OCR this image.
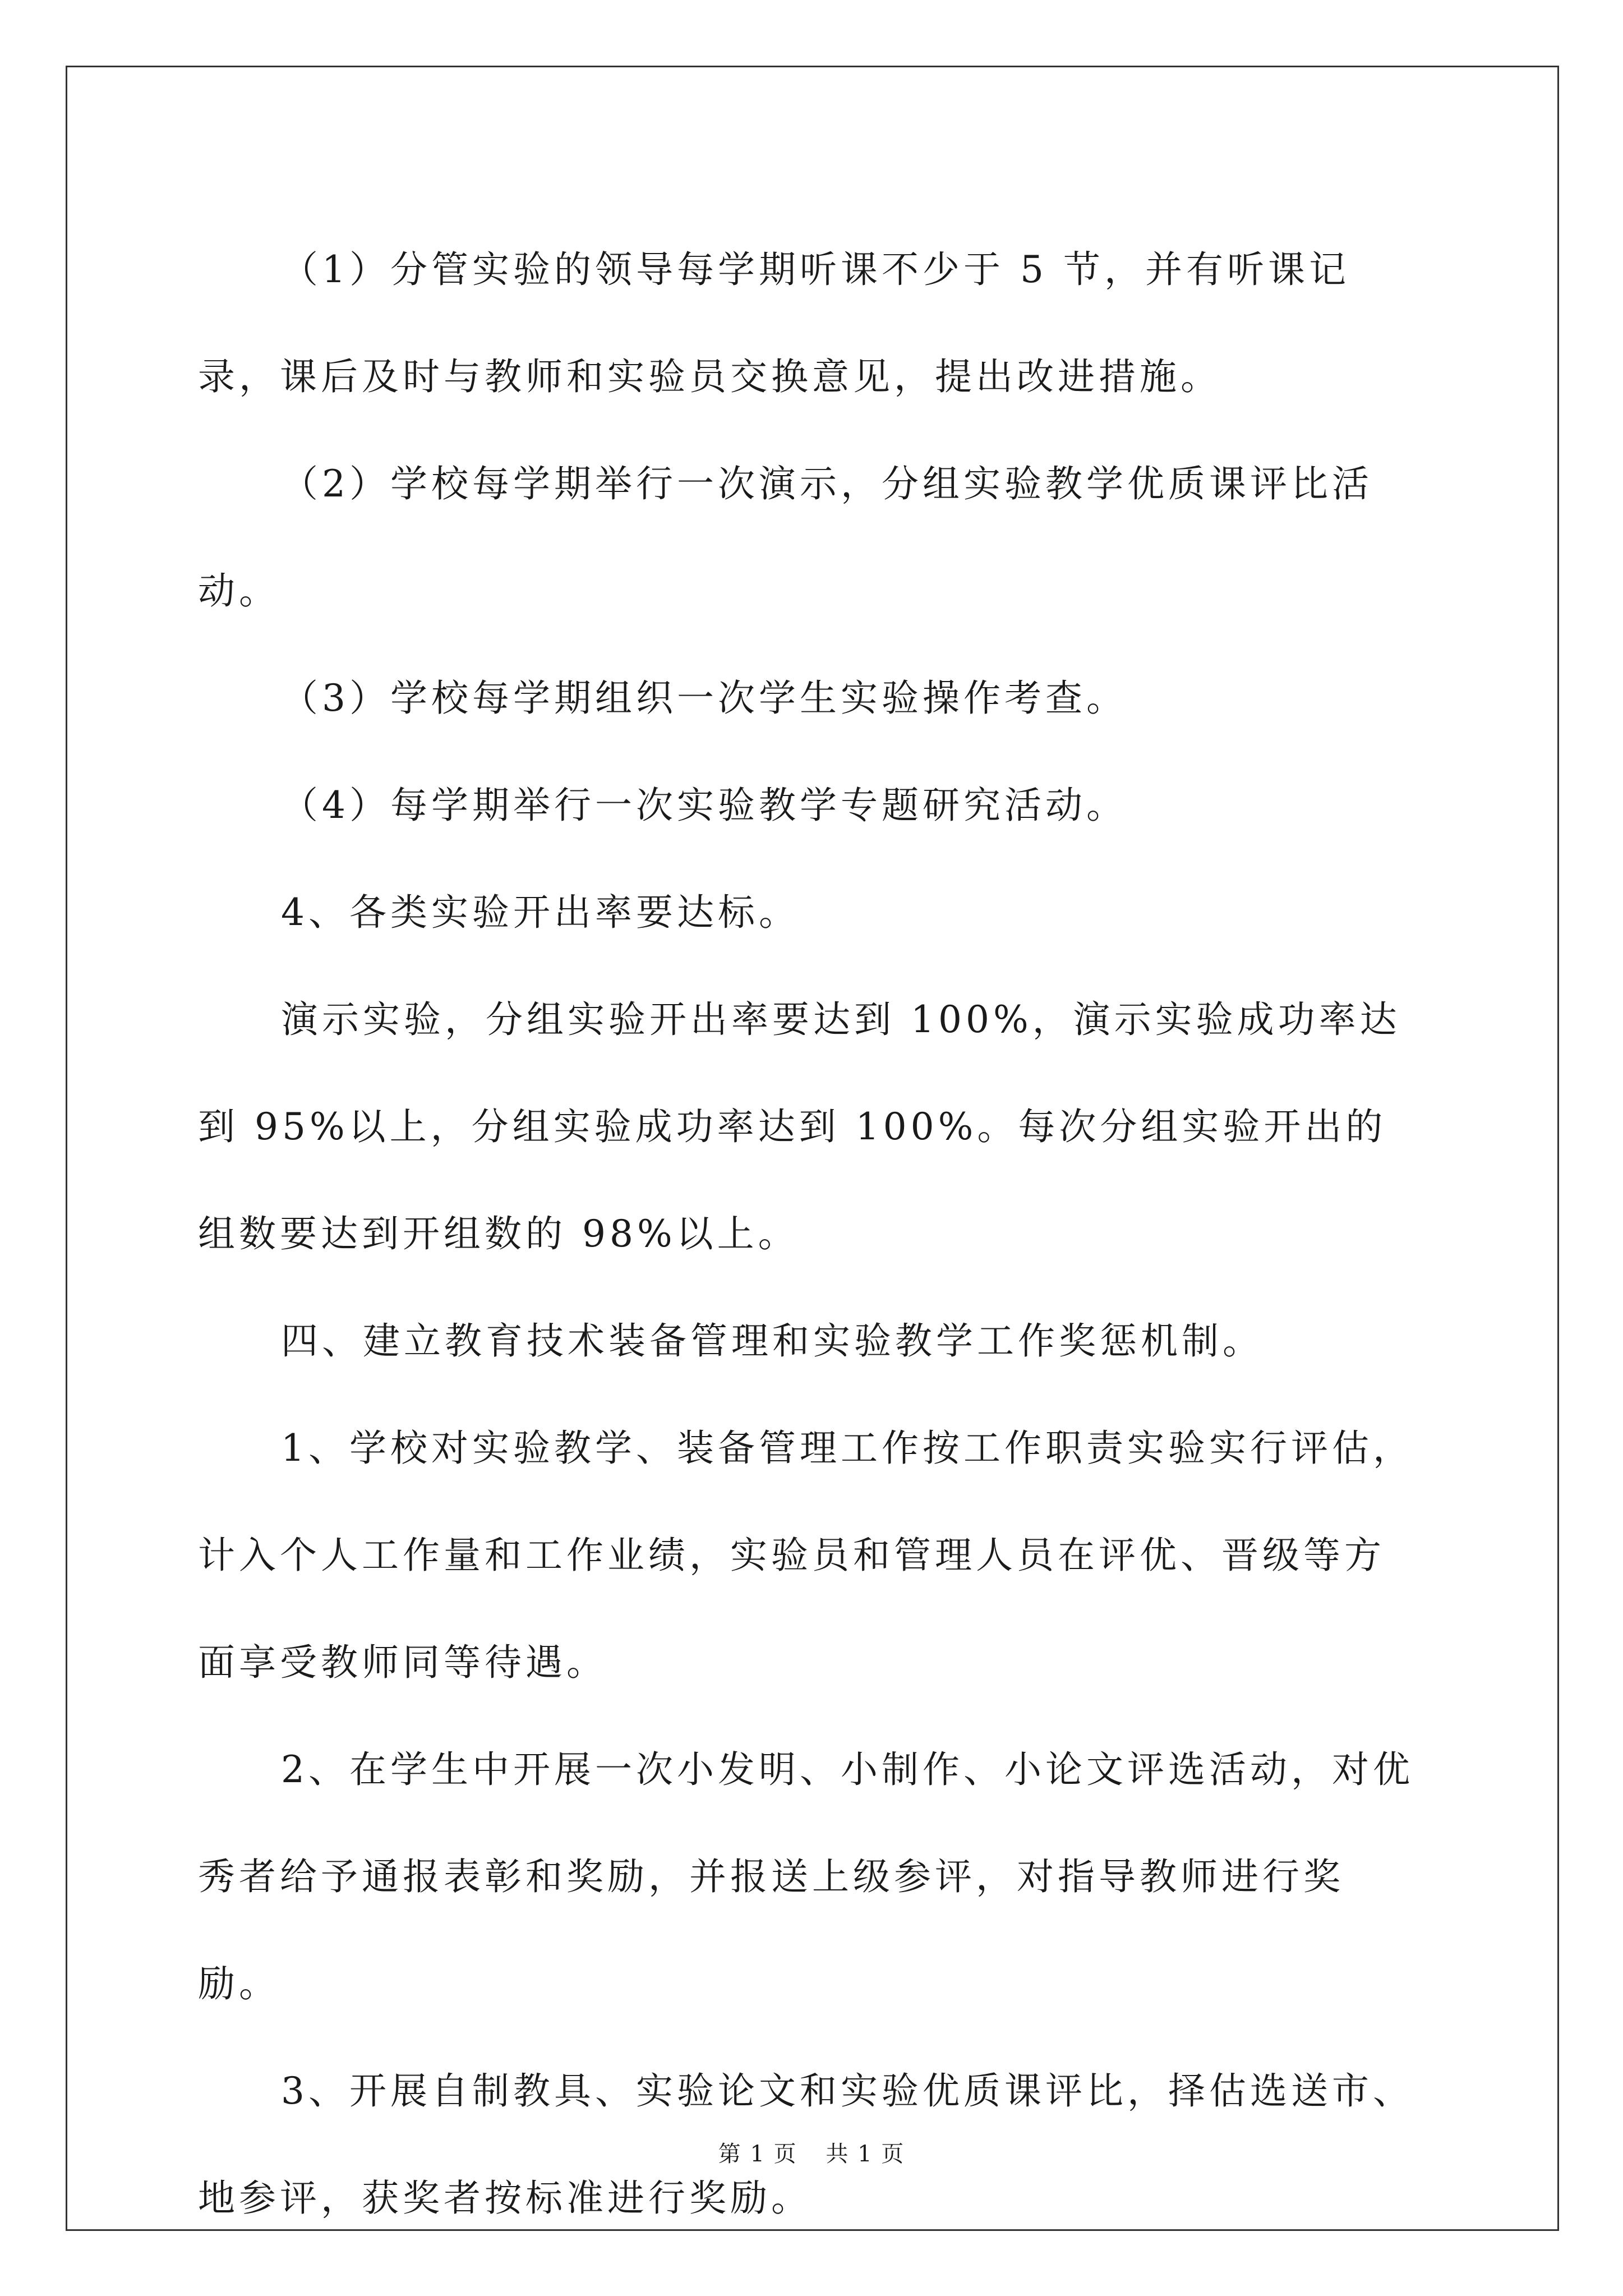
（1）分管实验的领导每学期听课不少于 5 节，并有听课记录，课后及时与教师和实验员交换意见，提出改进措施。

（2）学校每学期举行一次演示，分组实验教学优质课评比活动。

（3）学校每学期组织一次学生实验操作考查。

（4）每学期举行一次实验教学专题研究活动。

4、各类实验开出率要达标。

演示实验，分组实验开出率要达到 100%，演示实验成功率达到 95%以上，分组实验成功率达到 100%。每次分组实验开出的组数要达到开组数的 98%以上。

四、建立教育技术装备管理和实验教学工作奖惩机制。

1、学校对实验教学、装备管理工作按工作职责实验实行评估，计入个人工作量和工作业绩，实验员和管理人员在评优、晋级等方面享受教师同等待遇。

2、在学生中开展一次小发明、小制作、小论文评选活动，对优秀者给予通报表彰和奖励，并报送上级参评，对指导教师进行奖励。

3、开展自制教具、实验论文和实验优质课评比，择估选送市、地参评，获奖者按标准进行奖励。

第 1 页 共 1 页
